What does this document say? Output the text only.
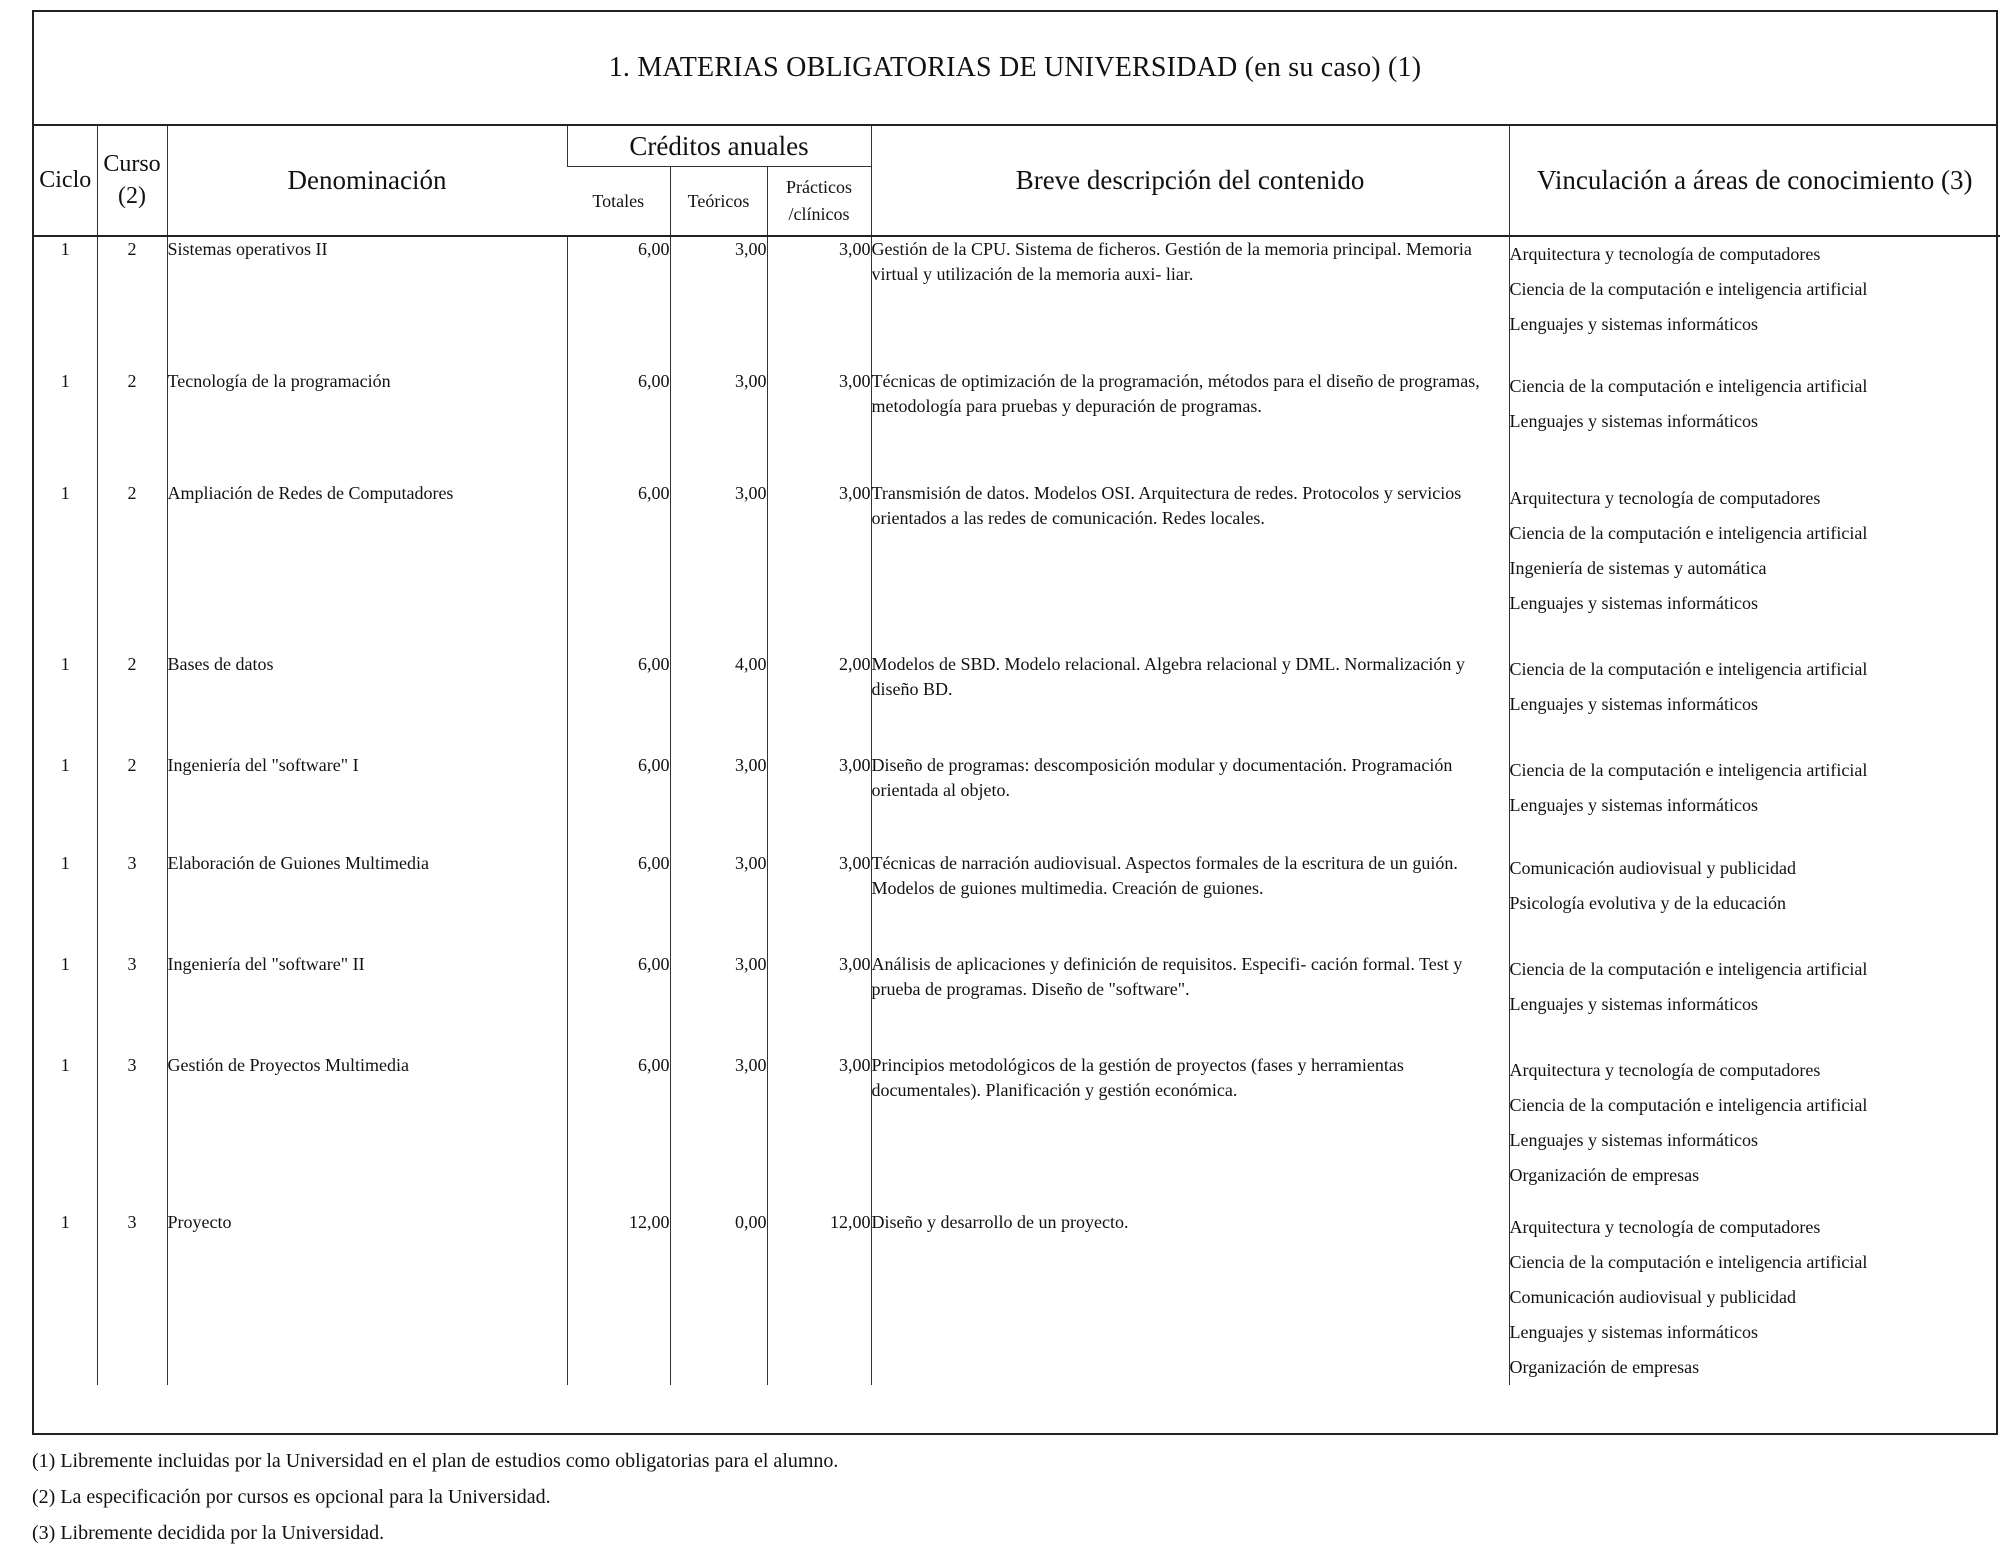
1. MATERIAS OBLIGATORIAS DE UNIVERSIDAD (en su caso) (1)
Ciclo	Curso
(2)	Denominación	Créditos anuales			Breve descripción del contenido	Vinculación a áreas de conocimiento (3)
			Totales	Teóricos	Prácticos
/clínicos		

1	2	Sistemas operativos II	6,00	3,00	3,00	Gestión de la CPU. Sistema de ficheros. Gestión de la memoria principal. Memoria virtual y utilización de la memoria auxi- liar.	Arquitectura y tecnología de computadores
Ciencia de la computación e inteligencia artificial
Lenguajes y sistemas informáticos

1	2	Tecnología de la programación	6,00	3,00	3,00	Técnicas de optimización de la programación, métodos para el diseño de programas, metodología para pruebas y depuración de programas.	Ciencia de la computación e inteligencia artificial
Lenguajes y sistemas informáticos

1	2	Ampliación de Redes de Computadores	6,00	3,00	3,00	Transmisión de datos. Modelos OSI. Arquitectura de redes. Protocolos y servicios orientados a las redes de comunicación. Redes locales.	Arquitectura y tecnología de computadores
Ciencia de la computación e inteligencia artificial
Ingeniería de sistemas y automática
Lenguajes y sistemas informáticos

1	2	Bases de datos	6,00	4,00	2,00	Modelos de SBD. Modelo relacional. Algebra relacional y DML. Normalización y diseño BD.	Ciencia de la computación e inteligencia artificial
Lenguajes y sistemas informáticos

1	2	Ingeniería del "software" I	6,00	3,00	3,00	Diseño de programas: descomposición modular y documentación. Programación orientada al objeto.	Ciencia de la computación e inteligencia artificial
Lenguajes y sistemas informáticos

1	3	Elaboración de Guiones Multimedia	6,00	3,00	3,00	Técnicas de narración audiovisual. Aspectos formales de la escritura de un guión. Modelos de guiones multimedia. Creación de guiones.	Comunicación audiovisual y publicidad
Psicología evolutiva y de la educación

1	3	Ingeniería del "software" II	6,00	3,00	3,00	Análisis de aplicaciones y definición de requisitos. Especifi- cación formal. Test y prueba de programas. Diseño de "software".	Ciencia de la computación e inteligencia artificial
Lenguajes y sistemas informáticos

1	3	Gestión de Proyectos Multimedia	6,00	3,00	3,00	Principios metodológicos de la gestión de proyectos (fases y herramientas documentales). Planificación y gestión económica.	Arquitectura y tecnología de computadores
Ciencia de la computación e inteligencia artificial
Lenguajes y sistemas informáticos
Organización de empresas

1	3	Proyecto	12,00	0,00	12,00	Diseño y desarrollo de un proyecto.	Arquitectura y tecnología de computadores
Ciencia de la computación e inteligencia artificial
Comunicación audiovisual y publicidad
Lenguajes y sistemas informáticos
Organización de empresas
(1) Libremente incluidas por la Universidad en el plan de estudios como obligatorias para el alumno.
(2) La especificación por cursos es opcional para la Universidad.
(3) Libremente decidida por la Universidad.
